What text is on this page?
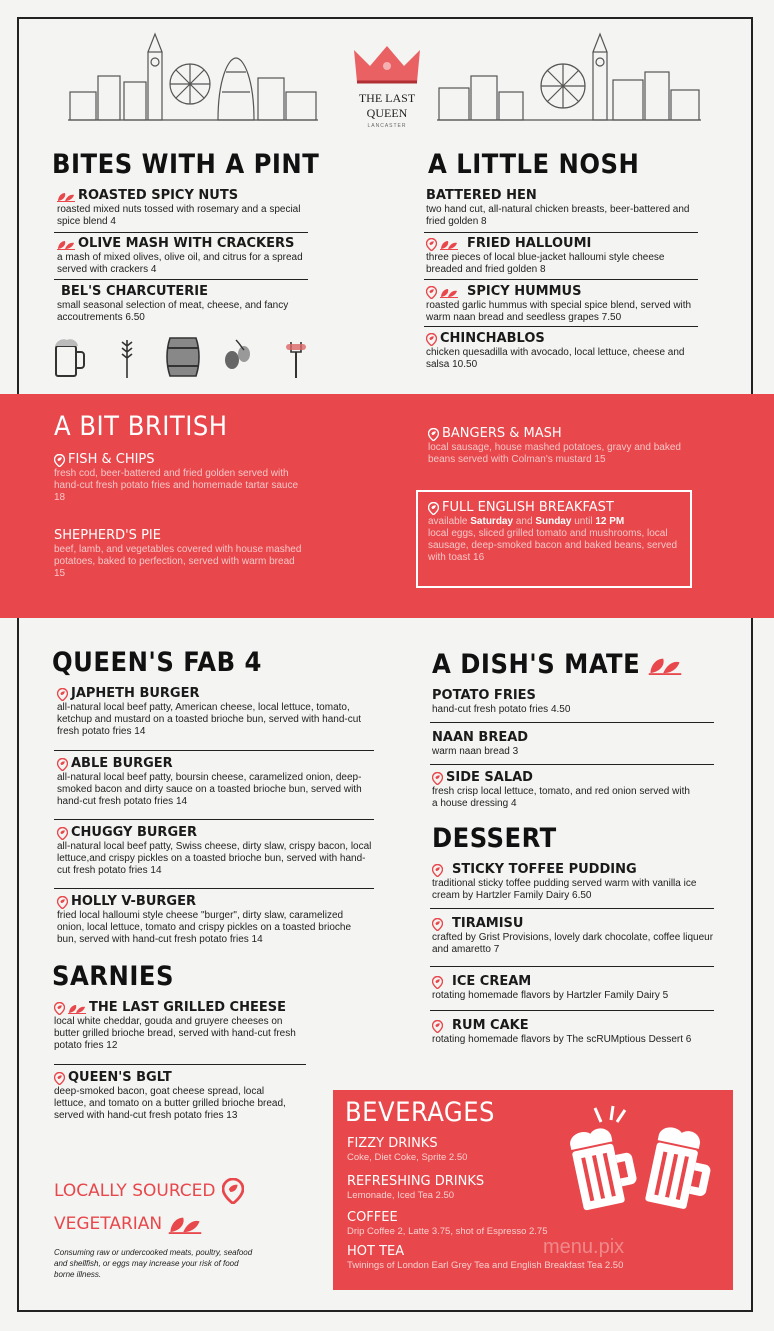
THE LAST
QUEEN
LANCASTER
BITES WITH A PINT
ROASTED SPICY NUTS
roasted mixed nuts tossed with rosemary and a special spice blend 4
OLIVE MASH WITH CRACKERS
a mash of mixed olives, olive oil, and citrus for a spread served with crackers 4
BEL'S CHARCUTERIE
small seasonal selection of meat, cheese, and fancy accoutrements 6.50
A LITTLE NOSH
BATTERED HEN
two hand cut, all-natural chicken breasts, beer-battered and fried golden 8
FRIED HALLOUMI
three pieces of local blue-jacket halloumi style cheese breaded and fried golden 8
SPICY HUMMUS
roasted garlic hummus with special spice blend, served with warm naan bread and seedless grapes 7.50
CHINCHABLOS
chicken quesadilla with avocado, local lettuce, cheese and salsa 10.50
A BIT BRITISH
FISH & CHIPS
fresh cod, beer-battered and fried golden served with hand-cut fresh potato fries and homemade tartar sauce 18
SHEPHERD'S PIE
beef, lamb, and vegetables covered with house mashed potatoes, baked to perfection, served with warm bread 15
BANGERS & MASH
local sausage, house mashed potatoes, gravy and baked beans served with Colman's mustard 15
FULL ENGLISH BREAKFAST
available Saturday and Sunday until 12 PM
local eggs, sliced grilled tomato and mushrooms, local sausage, deep-smoked bacon and baked beans, served with toast 16
QUEEN'S FAB 4
JAPHETH BURGER
all-natural local beef patty, American cheese, local lettuce, tomato, ketchup and mustard on a toasted brioche bun, served with hand-cut fresh potato fries 14
ABLE BURGER
all-natural local beef patty, boursin cheese, caramelized onion, deep-smoked bacon and dirty sauce on a toasted brioche bun, served with hand-cut fresh potato fries 14
CHUGGY BURGER
all-natural local beef patty, Swiss cheese, dirty slaw, crispy bacon, local lettuce,and crispy pickles on a toasted brioche bun, served with hand-cut fresh potato fries 14
HOLLY V-BURGER
fried local halloumi style cheese "burger", dirty slaw, caramelized onion, local lettuce, tomato and crispy pickles on a toasted brioche bun, served with hand-cut fresh potato fries 14
SARNIES
THE LAST GRILLED CHEESE
local white cheddar, gouda and gruyere cheeses on butter grilled brioche bread, served with hand-cut fresh potato fries 12
QUEEN'S BGLT
deep-smoked bacon, goat cheese spread, local lettuce, and tomato on a butter grilled brioche bread, served with hand-cut fresh potato fries 13
LOCALLY SOURCED
VEGETARIAN
Consuming raw or undercooked meats, poultry, seafood and shellfish, or eggs may increase your risk of food borne illness.
A DISH'S MATE
POTATO FRIES
hand-cut fresh potato fries 4.50
NAAN BREAD
warm naan bread 3
SIDE SALAD
fresh crisp local lettuce, tomato, and red onion served with a house dressing 4
DESSERT
STICKY TOFFEE PUDDING
traditional sticky toffee pudding served warm with vanilla ice cream by Hartzler Family Dairy 6.50
TIRAMISU
crafted by Grist Provisions, lovely dark chocolate, coffee liqueur and amaretto 7
ICE CREAM
rotating homemade flavors by Hartzler Family Dairy 5
RUM CAKE
rotating homemade flavors by The scRUMptious Dessert 6
BEVERAGES
FIZZY DRINKS
Coke, Diet Coke, Sprite 2.50
REFRESHING DRINKS
Lemonade, Iced Tea 2.50
COFFEE
Drip Coffee 2, Latte 3.75, shot of Espresso 2.75
HOT TEA
Twinings of London Earl Grey Tea and English Breakfast Tea 2.50
menu.pix
